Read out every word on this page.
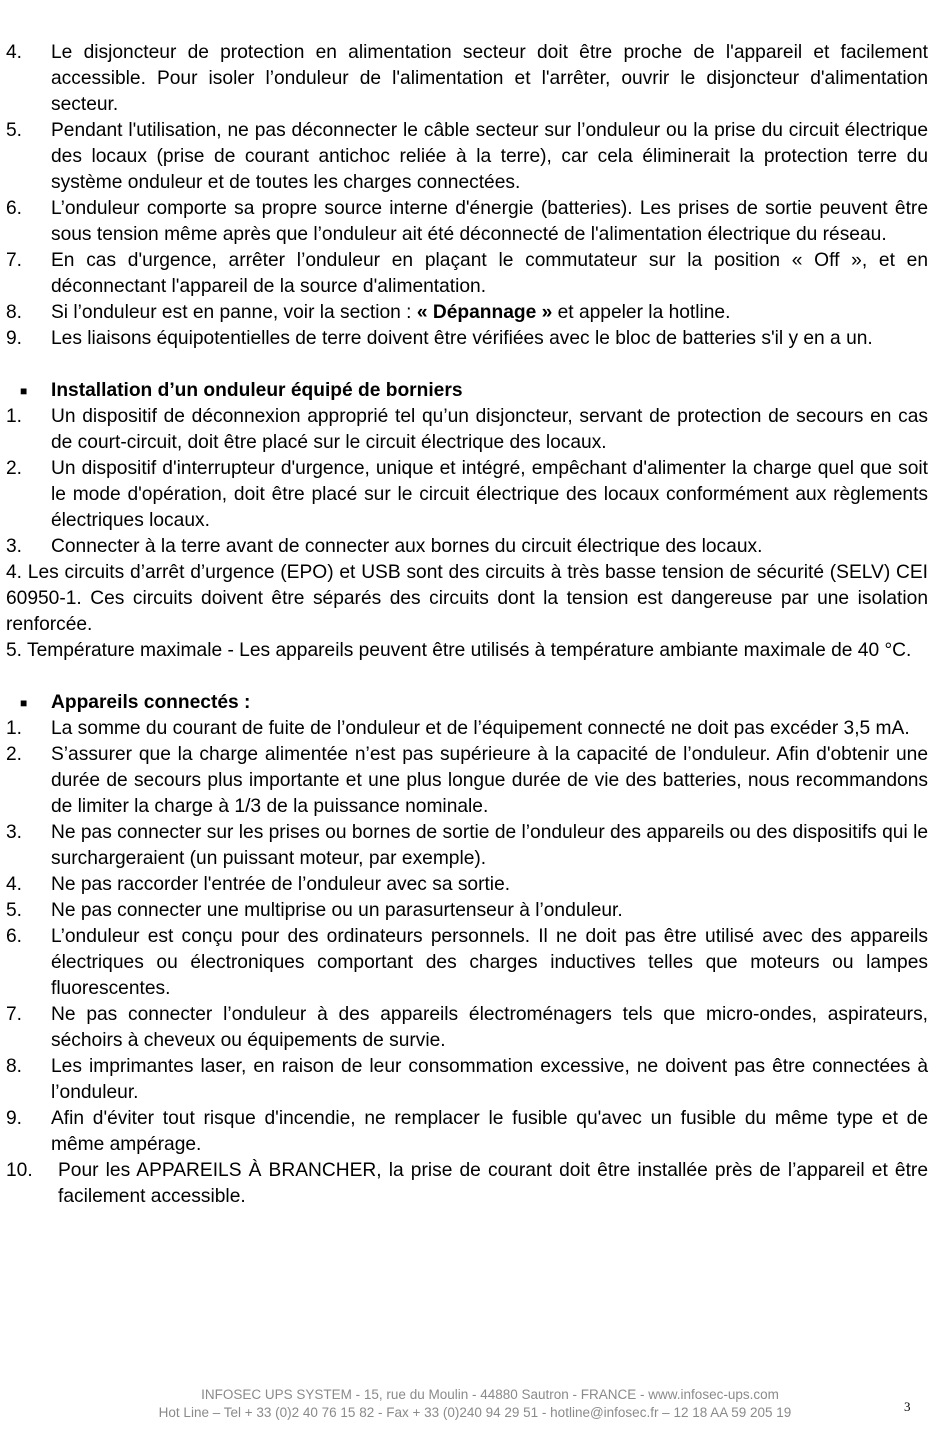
4.	Le disjoncteur de protection en alimentation secteur doit être proche de l'appareil et facilement accessible. Pour isoler l’onduleur de l'alimentation et l'arrêter, ouvrir le disjoncteur d'alimentation secteur.
5.	Pendant l'utilisation, ne pas déconnecter le câble secteur sur l’onduleur ou la prise du circuit électrique des locaux (prise de courant antichoc reliée à la terre), car cela éliminerait la protection terre du système onduleur et de toutes les charges connectées.
6.	L’onduleur comporte sa propre source interne d'énergie (batteries). Les prises de sortie peuvent être sous tension même après que l’onduleur ait été déconnecté de l'alimentation électrique du réseau.
7.	En cas d'urgence, arrêter l’onduleur en plaçant le commutateur sur la position « Off », et en déconnectant l'appareil de la source d'alimentation.
8.	Si l’onduleur est en panne, voir la section : « Dépannage » et appeler la hotline.
9.	Les liaisons équipotentielles de terre doivent être vérifiées avec le bloc de batteries s'il y en a un.
■	Installation d’un onduleur équipé de borniers
1.	Un dispositif de déconnexion approprié tel qu’un disjoncteur, servant de protection de secours en cas de court-circuit, doit être placé sur le circuit électrique des locaux.
2.	Un dispositif d'interrupteur d'urgence, unique et intégré, empêchant d'alimenter la charge quel que soit le mode d'opération, doit être placé sur le circuit électrique des locaux conformément aux règlements électriques locaux.
3.	Connecter à la terre avant de connecter aux bornes du circuit électrique des locaux.
4. Les circuits d’arrêt d’urgence (EPO) et USB sont des circuits à très basse tension de sécurité (SELV) CEI 60950-1. Ces circuits doivent être séparés des circuits dont la tension est dangereuse par une isolation renforcée.
5. Température maximale - Les appareils peuvent être utilisés à température ambiante maximale de 40 °C.
■	Appareils connectés :
1.	La somme du courant de fuite de l’onduleur et de l’équipement connecté ne doit pas excéder 3,5 mA.
2.	S’assurer que la charge alimentée n’est pas supérieure à la capacité de l’onduleur. Afin d'obtenir une durée de secours plus importante et une plus longue durée de vie des batteries, nous recommandons de limiter la charge à 1/3 de la puissance nominale.
3.	Ne pas connecter sur les prises ou bornes de sortie de l’onduleur des appareils ou des dispositifs qui le surchargeraient (un puissant moteur, par exemple).
4.	Ne pas raccorder l'entrée de l’onduleur avec sa sortie.
5.	Ne pas connecter une multiprise ou un parasurtenseur à l’onduleur.
6.	L’onduleur est conçu pour des ordinateurs personnels. Il ne doit pas être utilisé avec des appareils électriques ou électroniques comportant des charges inductives telles que moteurs ou lampes fluorescentes.
7.	Ne pas connecter l’onduleur à des appareils électroménagers tels que micro-ondes, aspirateurs, séchoirs à cheveux ou équipements de survie.
8.	Les imprimantes laser, en raison de leur consommation excessive, ne doivent pas être connectées à l’onduleur.
9.	Afin d'éviter tout risque d'incendie, ne remplacer le fusible qu'avec un fusible du même type et de même ampérage.
10.	Pour les APPAREILS À BRANCHER, la prise de courant doit être installée près de l’appareil et être facilement accessible.
INFOSEC UPS SYSTEM - 15, rue du Moulin - 44880 Sautron - FRANCE - www.infosec-ups.com
Hot Line – Tel + 33 (0)2 40 76 15 82 - Fax + 33 (0)240 94 29 51 - hotline@infosec.fr – 12 18 AA 59 205 19	3
